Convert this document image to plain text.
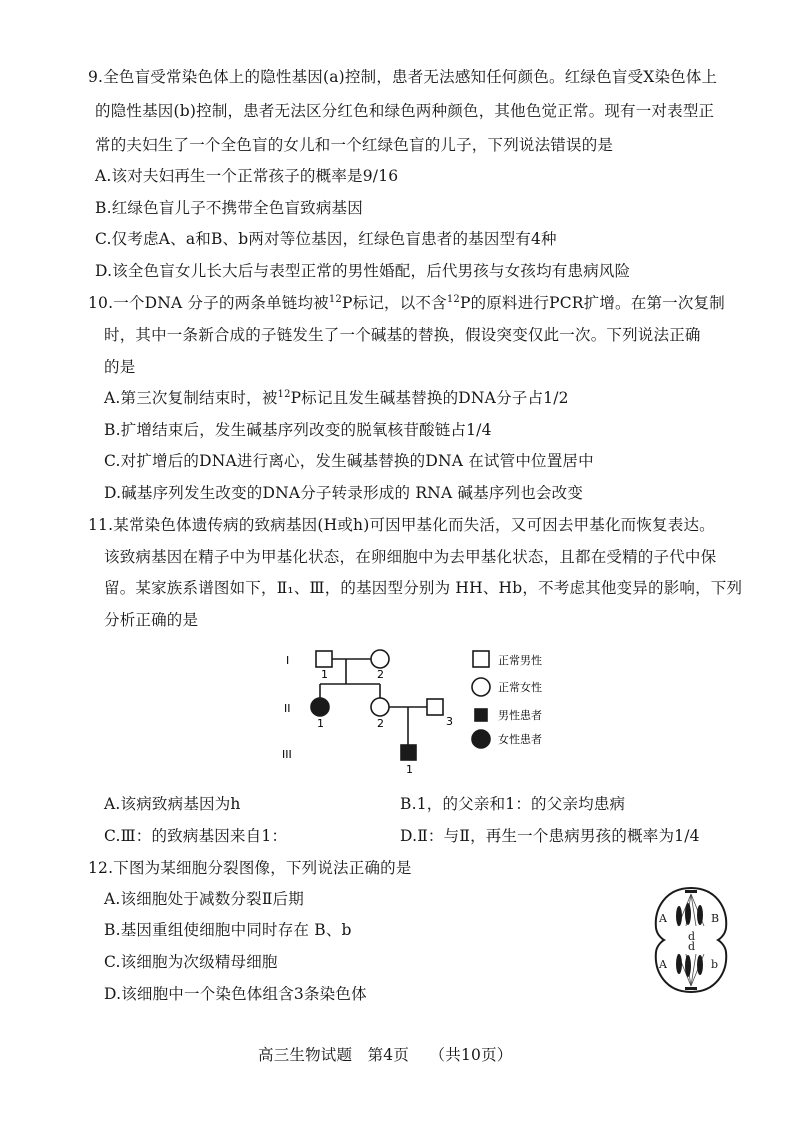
9.全色盲受常染色体上的隐性基因(a)控制，患者无法感知任何颜色。红绿色盲受X染色体上
的隐性基因(b)控制，患者无法区分红色和绿色两种颜色，其他色觉正常。现有一对表型正
常的夫妇生了一个全色盲的女儿和一个红绿色盲的儿子，下列说法错误的是
A.该对夫妇再生一个正常孩子的概率是9/16
B.红绿色盲儿子不携带全色盲致病基因
C.仅考虑A、a和B、b两对等位基因，红绿色盲患者的基因型有4种
D.该全色盲女儿长大后与表型正常的男性婚配，后代男孩与女孩均有患病风险
10.一个DNA 分子的两条单链均被$^{12}$P标记，以不含$^{12}$P的原料进行PCR扩增。在第一次复制
时，其中一条新合成的子链发生了一个碱基的替换，假设突变仅此一次。下列说法正确
的是
A.第三次复制结束时，被$^{12}$P标记且发生碱基替换的DNA分子占1/2
B.扩增结束后，发生碱基序列改变的脱氧核苷酸链占1/4
C.对扩增后的DNA进行离心，发生碱基替换的DNA 在试管中位置居中
D.碱基序列发生改变的DNA分子转录形成的 RNA 碱基序列也会改变
11.某常染色体遗传病的致病基因(H或h)可因甲基化而失活，又可因去甲基化而恢复表达。
该致病基因在精子中为甲基化状态，在卵细胞中为去甲基化状态，且都在受精的子代中保
留。某家族系谱图如下，Ⅱ₁、Ⅲ，的基因型分别为 HH、Hb，不考虑其他变异的影响，下列
分析正确的是
I
II
III
1	2
1	2	3
1
正常男性
正常女性
男性患者
女性患者
A.该病致病基因为h	B.1，的父亲和1：的父亲均患病
C.Ⅲ：的致病基因来自1：	D.Ⅱ：与Ⅱ，再生一个患病男孩的概率为1/4
12.下图为某细胞分裂图像，下列说法正确的是
A.该细胞处于减数分裂Ⅱ后期
B.基因重组使细胞中同时存在 B、b
C.该细胞为次级精母细胞
D.该细胞中一个染色体组含3条染色体
A	B
d
d
A	b
高三生物试题   第4页    （共10页）
